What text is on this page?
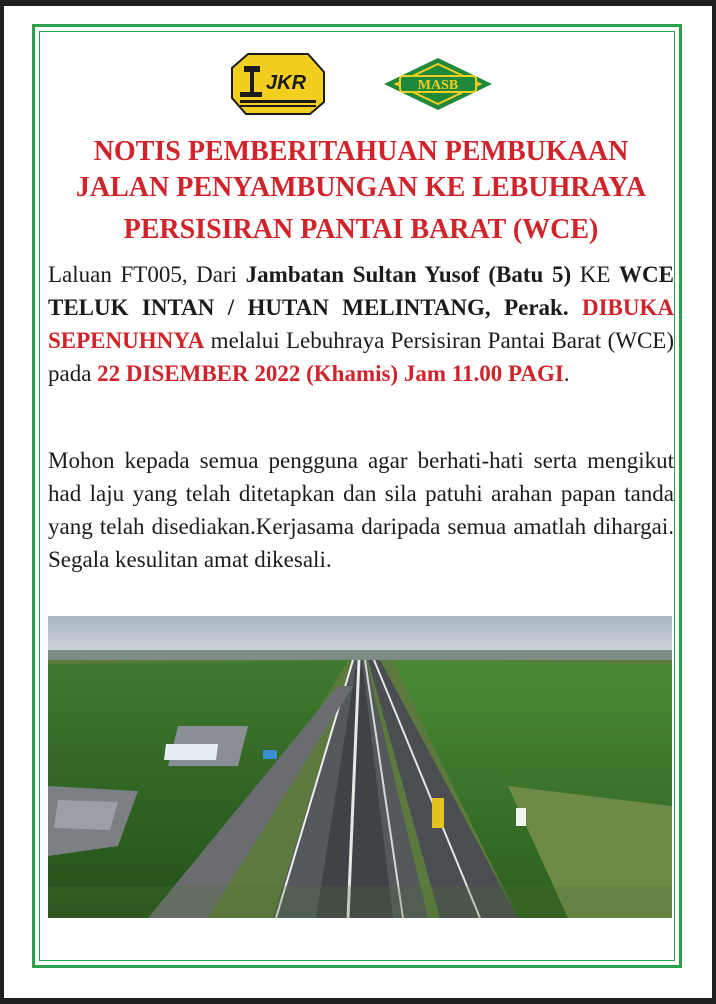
JKR	MASB
NOTIS PEMBERITAHUAN PEMBUKAAN
JALAN PENYAMBUNGAN KE LEBUHRAYA
PERSISIRAN PANTAI BARAT (WCE)
Laluan FT005, Dari Jambatan Sultan Yusof (Batu 5) KE WCE TELUK INTAN / HUTAN MELINTANG, Perak. DIBUKA SEPENUHNYA melalui Lebuhraya Persisiran Pantai Barat (WCE) pada 22 DISEMBER 2022 (Khamis) Jam 11.00 PAGI.
Mohon kepada semua pengguna agar berhati-hati serta mengikut had laju yang telah ditetapkan dan sila patuhi arahan papan tanda yang telah disediakan.Kerjasama daripada semua amatlah dihargai. Segala kesulitan amat dikesali.
